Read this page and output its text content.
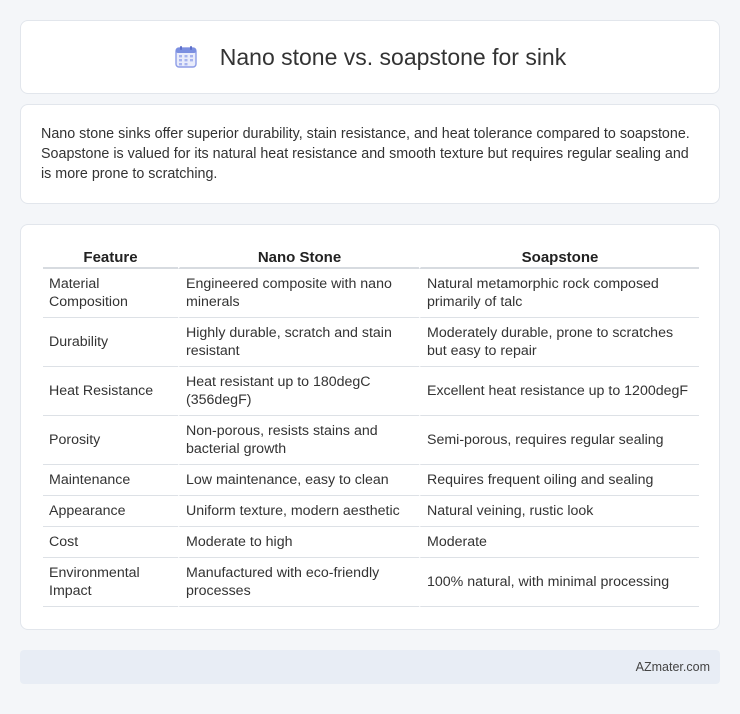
Nano stone vs. soapstone for sink

Nano stone sinks offer superior durability, stain resistance, and heat tolerance compared to soapstone. Soapstone is valued for its natural heat resistance and smooth texture but requires regular sealing and is more prone to scratching.

Feature	Nano Stone	Soapstone
Material Composition	Engineered composite with nano minerals	Natural metamorphic rock composed primarily of talc
Durability	Highly durable, scratch and stain resistant	Moderately durable, prone to scratches but easy to repair
Heat Resistance	Heat resistant up to 180degC (356degF)	Excellent heat resistance up to 1200degF
Porosity	Non-porous, resists stains and bacterial growth	Semi-porous, requires regular sealing
Maintenance	Low maintenance, easy to clean	Requires frequent oiling and sealing
Appearance	Uniform texture, modern aesthetic	Natural veining, rustic look
Cost	Moderate to high	Moderate
Environmental Impact	Manufactured with eco-friendly processes	100% natural, with minimal processing
AZmater.com
